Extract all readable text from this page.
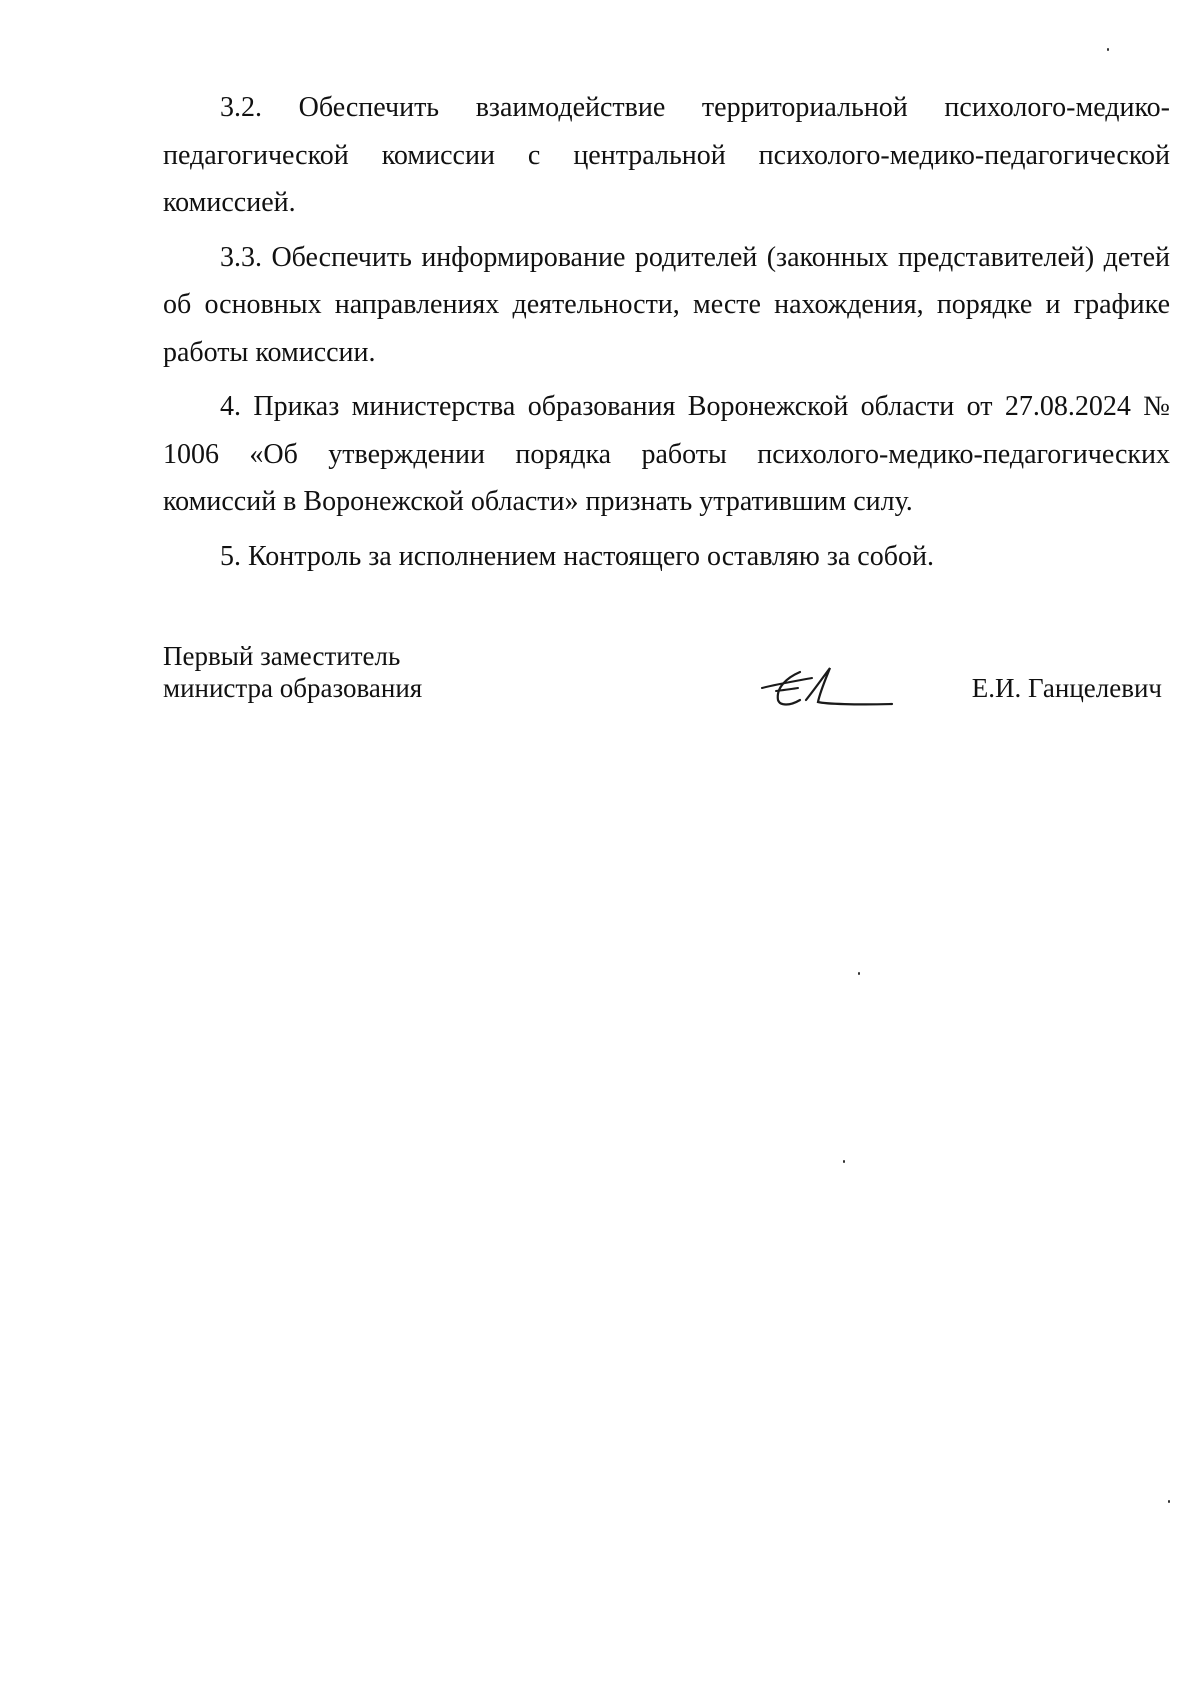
3.2. Обеспечить взаимодействие территориальной психолого-медико-педагогической комиссии с центральной психолого-медико-педагогической комиссией.

3.3. Обеспечить информирование родителей (законных представителей) детей об основных направлениях деятельности, месте нахождения, порядке и графике работы комиссии.

4. Приказ министерства образования Воронежской области от 27.08.2024 № 1006 «Об утверждении порядка работы психолого-медико-педагогических комиссий в Воронежской области» признать утратившим силу.

5. Контроль за исполнением настоящего оставляю за собой.

Первый заместитель
министра образования	Е.И. Ганцелевич
